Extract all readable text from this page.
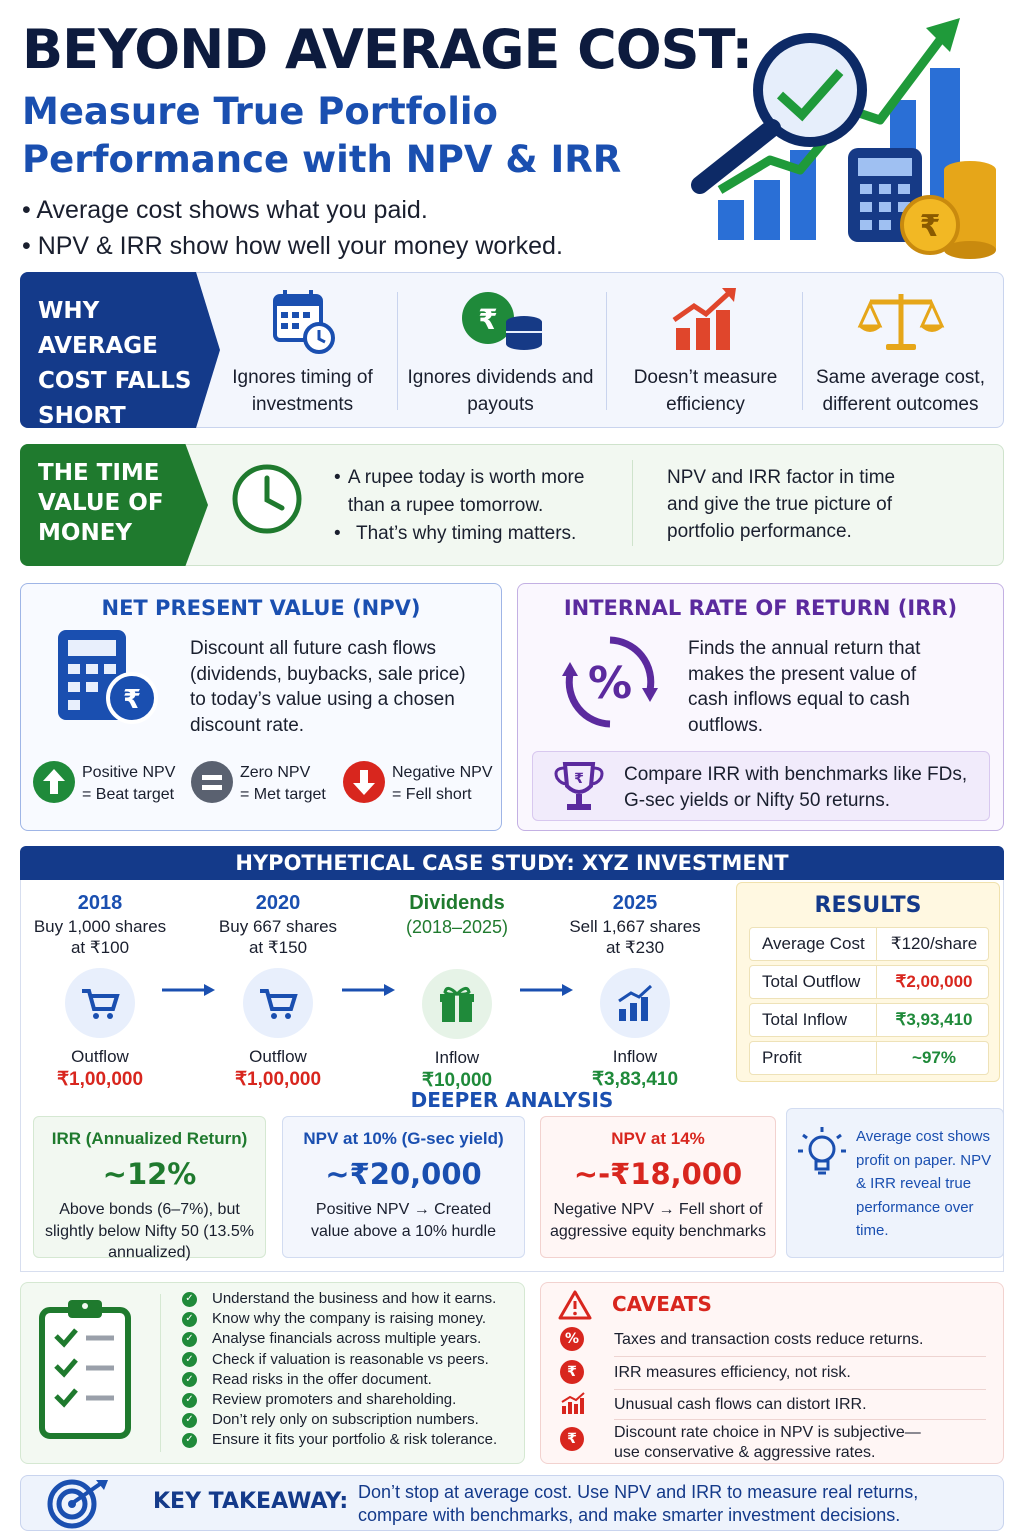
BEYOND AVERAGE COST:
Measure True Portfolio Performance with NPV & IRR
• Average cost shows what you paid.
• NPV & IRR show how well your money worked.
₹
WHY AVERAGE COST FALLS SHORT
Ignores timing of investments
₹
Ignores dividends and payouts
Doesn’t measure efficiency
Same average cost, different outcomes
THE TIME VALUE OF MONEY
• A rupee today is worth more than a rupee tomorrow.
• That’s why timing matters.
NPV and IRR factor in time and give the true picture of portfolio performance.
NET PRESENT VALUE (NPV)
₹
Discount all future cash flows (dividends, buybacks, sale price) to today’s value using a chosen discount rate.
Positive NPV
= Beat target
Zero NPV
= Met target
Negative NPV
= Fell short
INTERNAL RATE OF RETURN (IRR)
%
Finds the annual return that makes the present value of cash inflows equal to cash outflows.
₹ Compare IRR with benchmarks like FDs, G-sec yields or Nifty 50 returns.
HYPOTHETICAL CASE STUDY: XYZ INVESTMENT
2018
Buy 1,000 shares
at ₹100
Outflow
₹1,00,000
2020
Buy 667 shares
at ₹150
Outflow
₹1,00,000
Dividends
(2018–2025)
Inflow
₹10,000
2025
Sell 1,667 shares
at ₹230
Inflow
₹3,83,410
RESULTS
Average Cost	₹120/share
Total Outflow	₹2,00,000
Total Inflow	₹3,93,410
Profit	~97%
DEEPER ANALYSIS
IRR (Annualized Return)
~12%
Above bonds (6–7%), but slightly below Nifty 50 (13.5% annualized)
NPV at 10% (G-sec yield)
~₹20,000
Positive NPV → Created value above a 10% hurdle
NPV at 14%
~-₹18,000
Negative NPV → Fell short of aggressive equity benchmarks
Average cost shows profit on paper. NPV & IRR reveal true performance over time.
✓ Understand the business and how it earns.
✓ Know why the company is raising money.
✓ Analyse financials across multiple years.
✓ Check if valuation is reasonable vs peers.
✓ Read risks in the offer document.
✓ Review promoters and shareholding.
✓ Don’t rely only on subscription numbers.
✓ Ensure it fits your portfolio & risk tolerance.
CAVEATS
%	Taxes and transaction costs reduce returns.
₹	IRR measures efficiency, not risk.
Unusual cash flows can distort IRR.
₹	Discount rate choice in NPV is subjective— use conservative & aggressive rates.
KEY TAKEAWAY: Don’t stop at average cost. Use NPV and IRR to measure real returns, compare with benchmarks, and make smarter investment decisions.
